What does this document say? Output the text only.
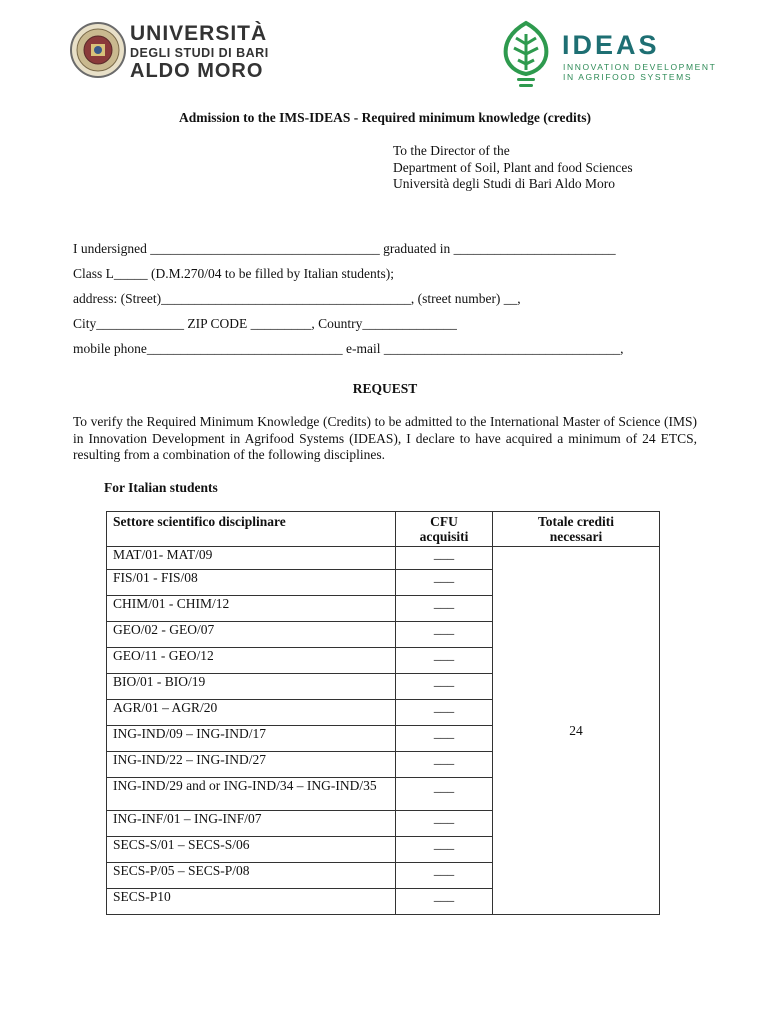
UNIVERSITÀ
DEGLI STUDI DI BARI
ALDO MORO
IDEAS
INNOVATION DEVELOPMENT
IN AGRIFOOD SYSTEMS
Admission to the IMS-IDEAS - Required minimum knowledge (credits)
To the Director of the
Department of Soil, Plant and food Sciences
Università degli Studi di Bari Aldo Moro
I undersigned __________________________________ graduated in ________________________
Class L_____ (D.M.270/04 to be filled by Italian students);
address: (Street)_____________________________________, (street number) __,
City_____________ ZIP CODE _________, Country______________
mobile phone_____________________________ e-mail ___________________________________,
REQUEST
To verify the Required Minimum Knowledge (Credits) to be admitted to the International Master of Science (IMS) in Innovation Development in Agrifood Systems (IDEAS), I declare to have acquired a minimum of 24 ETCS, resulting from a combination of the following disciplines.
For Italian students
Settore scientifico disciplinare	CFU acquisiti	Totale crediti necessari

MAT/01- MAT/09	___	24
FIS/01 - FIS/08	___	
CHIM/01 - CHIM/12	___	
GEO/02 - GEO/07	___	
GEO/11 - GEO/12	___	
BIO/01 - BIO/19	___	
AGR/01 – AGR/20	___	
ING-IND/09 – ING-IND/17	___	
ING-IND/22 – ING-IND/27	___	
ING-IND/29 and or ING-IND/34 – ING-IND/35	___	
ING-INF/01 – ING-INF/07	___	
SECS-S/01 – SECS-S/06	___	
SECS-P/05 – SECS-P/08	___	
SECS-P10	___	
